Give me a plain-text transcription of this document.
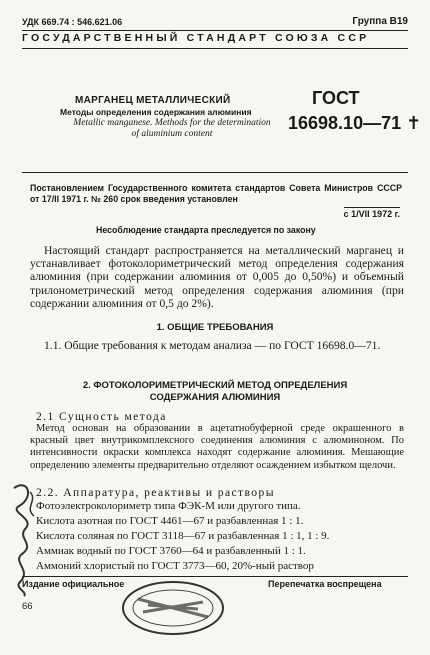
УДК 669.74 : 546.621.06	Группа В19
ГОСУДАРСТВЕННЫЙ СТАНДАРТ СОЮЗА ССР
МАРГАНЕЦ МЕТАЛЛИЧЕСКИЙ
Методы определения содержания алюминия
Metallic manganese. Methods for the determination
of aluminium content
ГОСТ
16698.10—71 ✝
Постановлением Государственного комитета стандартов Совета Министров СССР от 17/II 1971 г. № 260 срок введения установлен
с 1/VII 1972 г.
Несоблюдение стандарта преследуется по закону
Настоящий стандарт распространяется на металлический марганец и устанавливает фотоколориметрический метод определения содержания алюминия (при содержании алюминия от 0,005 до 0,50%) и объемный трилонометрический метод определения содержания алюминия (при содержании алюминия от 0,5 до 2%).
1. ОБЩИЕ ТРЕБОВАНИЯ
1.1. Общие требования к методам анализа — по ГОСТ 16698.0—71.
2. ФОТОКОЛОРИМЕТРИЧЕСКИЙ МЕТОД ОПРЕДЕЛЕНИЯ
СОДЕРЖАНИЯ АЛЮМИНИЯ
2.1 Сущность метода
Метод основан на образовании в ацетатнобуферной среде окрашенного в красный цвет внутрикомплексного соединения алюминия с алюминоном. По интенсивности окраски комплекса находят содержание алюминия. Мешающие определению элементы предварительно отделяют осаждением избытком щелочи.
2.2. Аппаратура, реактивы и растворы
Фотоэлектроколориметр типа ФЭК-М или другого типа.
Кислота азотная по ГОСТ 4461—67 и разбавленная 1 : 1.
Кислота соляная по ГОСТ 3118—67 и разбавленная 1 : 1, 1 : 9.
Аммиак водный по ГОСТ 3760—64 и разбавленный 1 : 1.
Аммоний хлористый по ГОСТ 3773—60, 20%-ный раствор
Издание официальное	Перепечатка воспрещена
66
